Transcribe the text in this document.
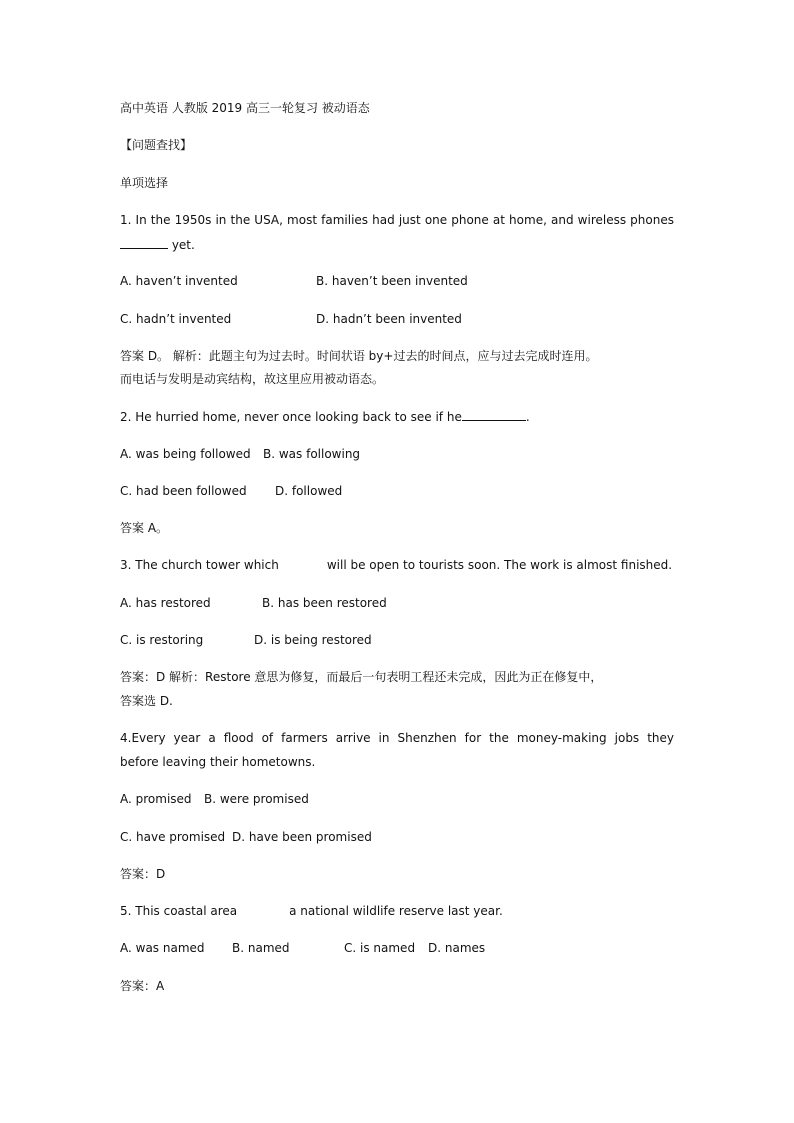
高中英语 人教版 2019 高三一轮复习 被动语态
【问题查找】
单项选择
1. In the 1950s in the USA, most families had just one phone at home, and wireless phones
yet.
A. haven’t invented	B. haven’t been invented
C. hadn’t invented	D. hadn’t been invented
答案 D。 解析：此题主句为过去时。时间状语 by+过去的时间点，应与过去完成时连用。
而电话与发明是动宾结构，故这里应用被动语态。
2. He hurried home, never once looking back to see if he	.
A. was being followed B. was following
C. had been followed D. followed
答案 A。
3. The church tower which	will be open to tourists soon. The work is almost finished.
A. has restored	B. has been restored
C. is restoring	D. is being restored
答案：D 解析：Restore 意思为修复，而最后一句表明工程还未完成，因此为正在修复中，
答案选 D.
4.Every year a flood of farmers arrive in Shenzhen for the money-making jobs they
before leaving their hometowns.
A. promised B. were promised
C. have promised D. have been promised
答案：D
5. This coastal area	a national wildlife reserve last year.
A. was named B. named	C. is named D. names
答案：A
